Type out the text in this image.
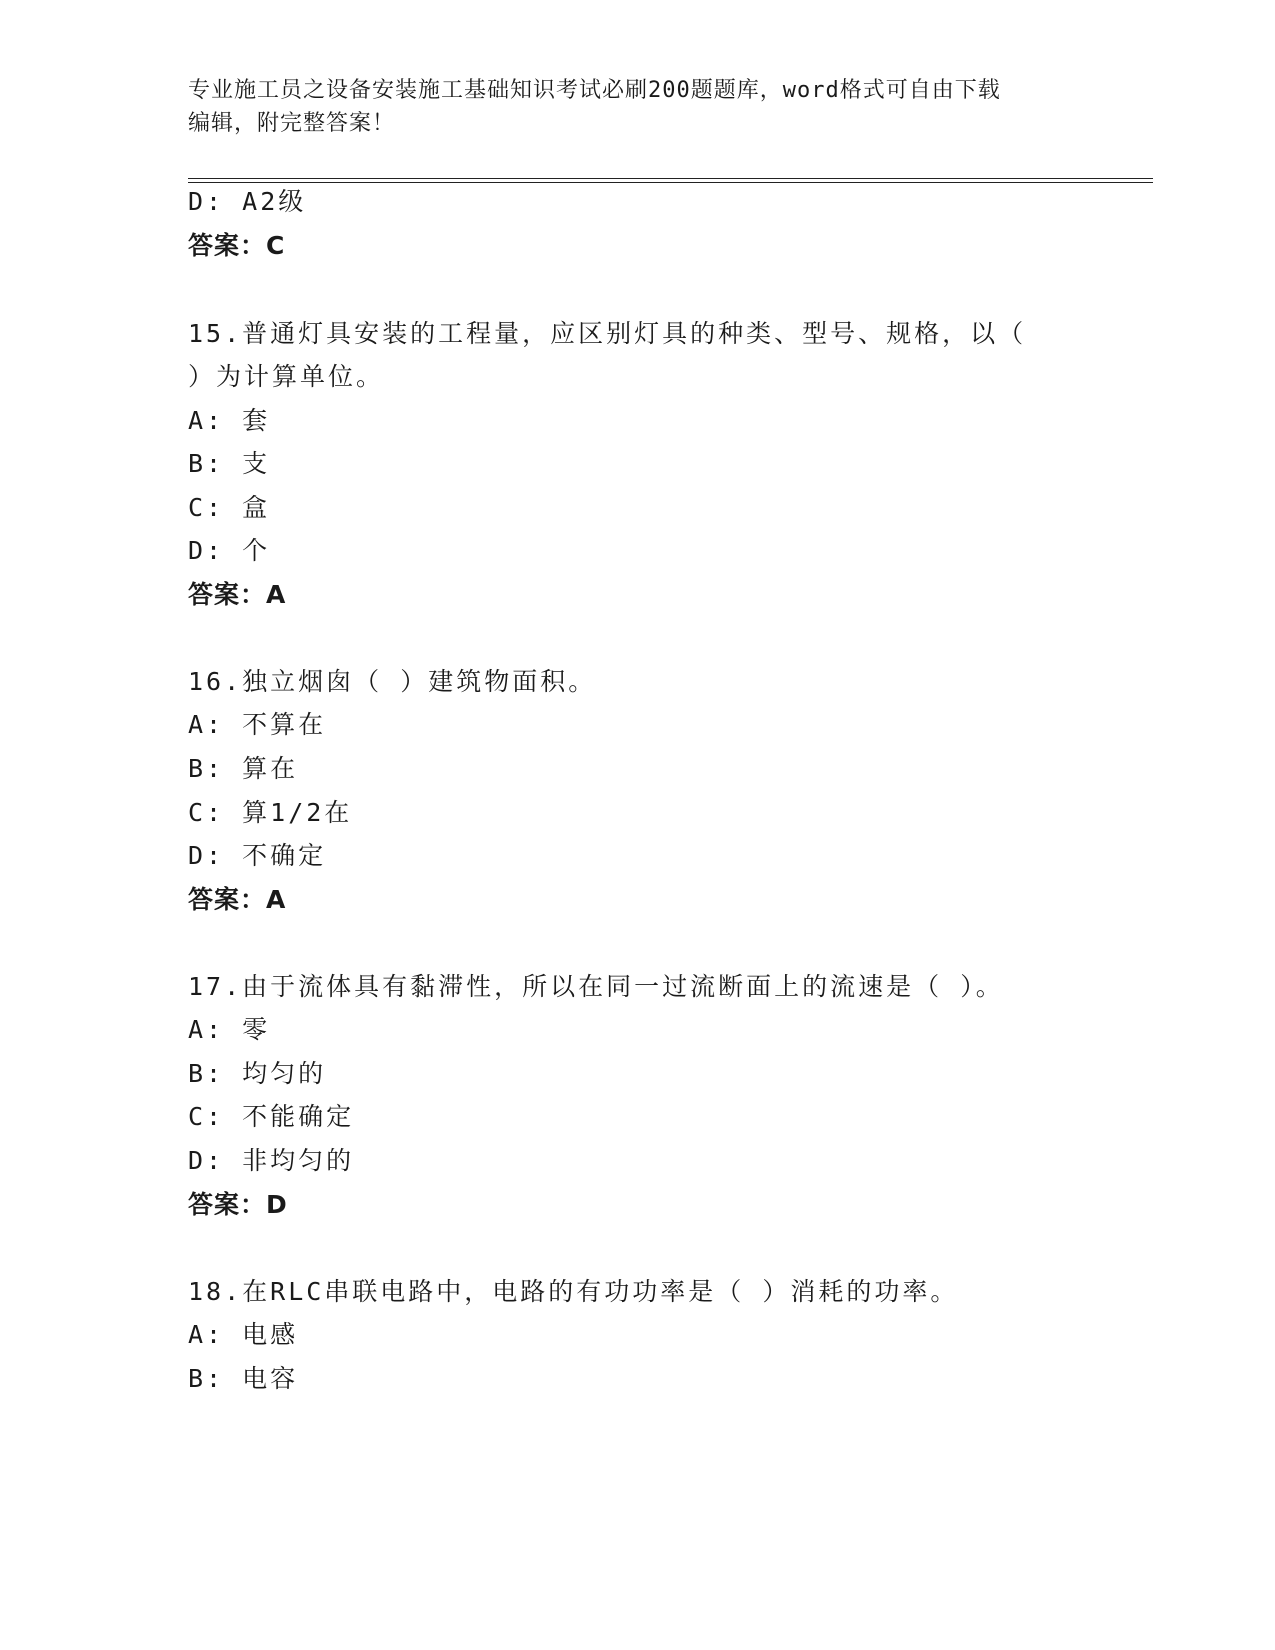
专业施工员之设备安装施工基础知识考试必刷200题题库，word格式可自由下载
编辑，附完整答案！
D: A2级
答案：C
15.普通灯具安装的工程量，应区别灯具的种类、型号、规格，以（
）为计算单位。
A: 套
B: 支
C: 盒
D: 个
答案：A
16.独立烟囱（ ）建筑物面积。
A: 不算在
B: 算在
C: 算1/2在
D: 不确定
答案：A
17.由于流体具有黏滞性，所以在同一过流断面上的流速是（ ）。
A: 零
B: 均匀的
C: 不能确定
D: 非均匀的
答案：D
18.在RLC串联电路中，电路的有功功率是（ ）消耗的功率。
A: 电感
B: 电容
